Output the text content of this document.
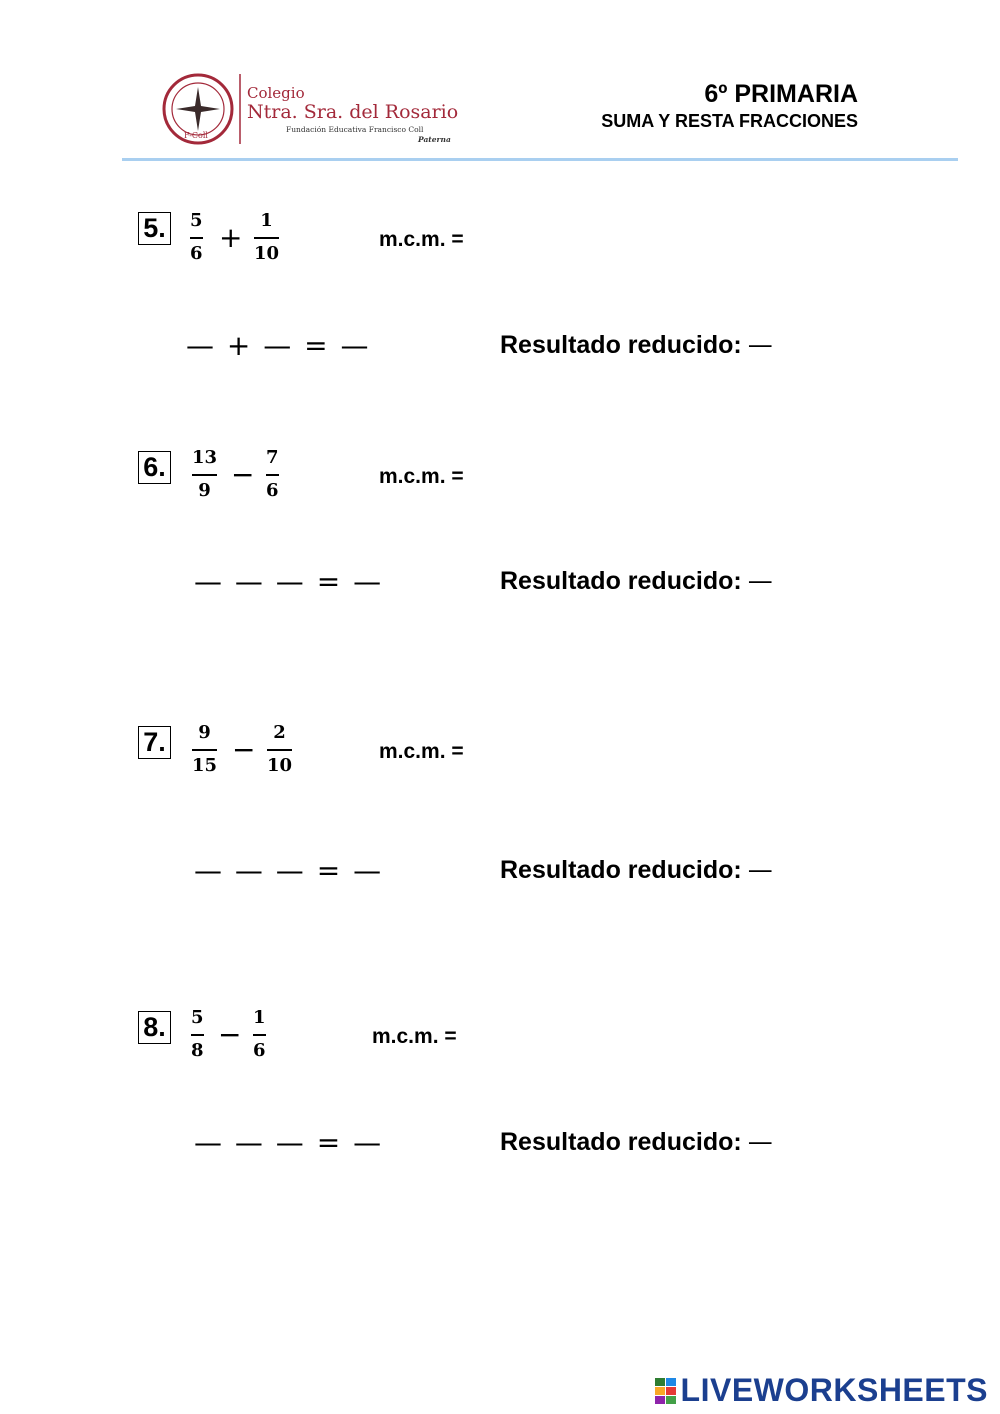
Colegio
Ntra. Sra. del Rosario
Fundación Educativa Francisco Coll
Paterna
F-Coll
6º PRIMARIA
SUMA Y RESTA FRACCIONES
5. 5
6 +
1
10
m.c.m. =
— + — = —	Resultado reducido: —
6. 13
9 −
7
6
m.c.m. =
— — — = —	Resultado reducido: —
7. 9
15 −
2
10
m.c.m. =
— — — = —	Resultado reducido: —
8. 5
8 −
1
6
m.c.m. =
— — — = —	Resultado reducido: —
LIVEWORKSHEETS
